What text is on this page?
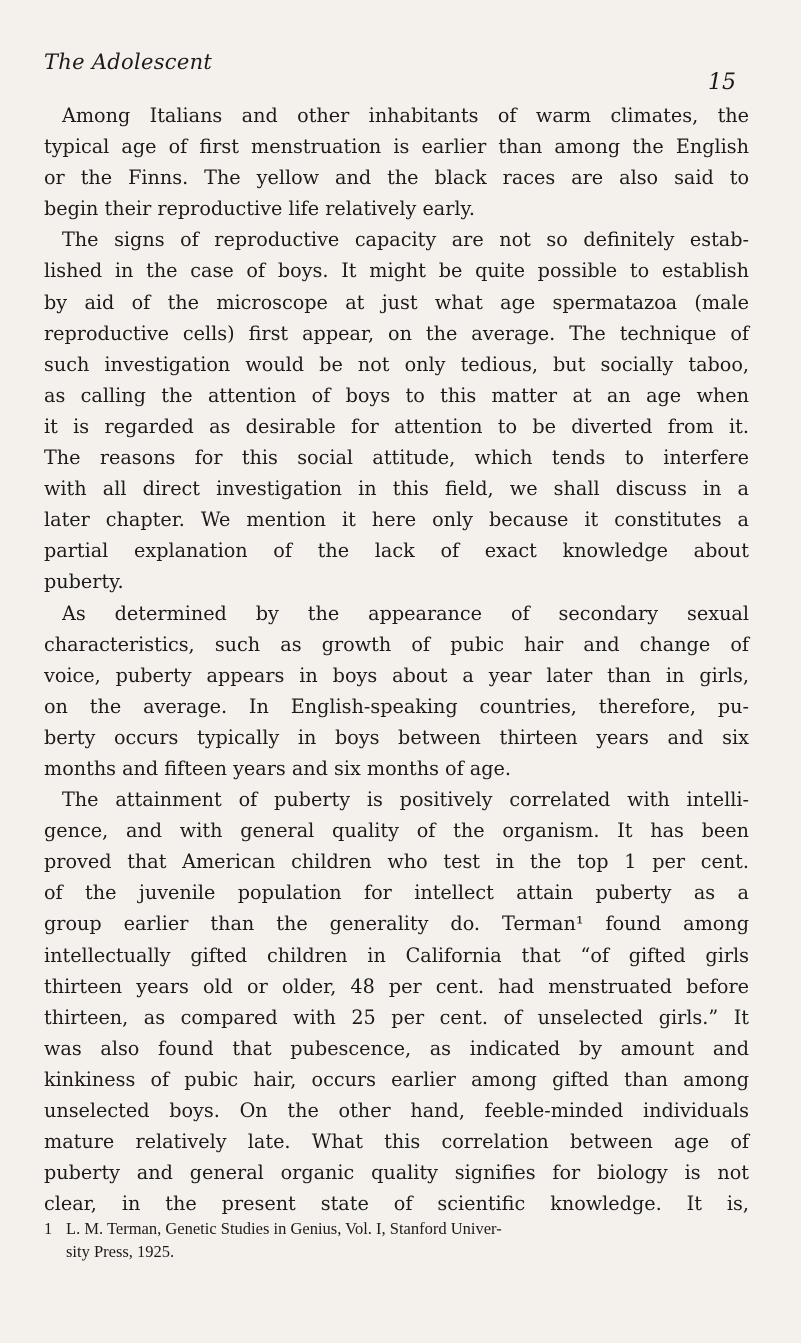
The Adolescent
15
Among Italians and other inhabitants of warm climates, the
typical age of first menstruation is earlier than among the English
or the Finns. The yellow and the black races are also said to
begin their reproductive life relatively early.
The signs of reproductive capacity are not so definitely estab-
lished in the case of boys. It might be quite possible to establish
by aid of the microscope at just what age spermatazoa (male
reproductive cells) first appear, on the average. The technique of
such investigation would be not only tedious, but socially taboo,
as calling the attention of boys to this matter at an age when
it is regarded as desirable for attention to be diverted from it.
The reasons for this social attitude, which tends to interfere
with all direct investigation in this field, we shall discuss in a
later chapter. We mention it here only because it constitutes a
partial explanation of the lack of exact knowledge about
puberty.
As determined by the appearance of secondary sexual
characteristics, such as growth of pubic hair and change of
voice, puberty appears in boys about a year later than in girls,
on the average. In English-speaking countries, therefore, pu-
berty occurs typically in boys between thirteen years and six
months and fifteen years and six months of age.
The attainment of puberty is positively correlated with intelli-
gence, and with general quality of the organism. It has been
proved that American children who test in the top 1 per cent.
of the juvenile population for intellect attain puberty as a
group earlier than the generality do. Terman¹ found among
intellectually gifted children in California that “of gifted girls
thirteen years old or older, 48 per cent. had menstruated before
thirteen, as compared with 25 per cent. of unselected girls.” It
was also found that pubescence, as indicated by amount and
kinkiness of pubic hair, occurs earlier among gifted than among
unselected boys. On the other hand, feeble-minded individuals
mature relatively late. What this correlation between age of
puberty and general organic quality signifies for biology is not
clear, in the present state of scientific knowledge. It is,
1 L. M. Terman, Genetic Studies in Genius, Vol. I, Stanford Univer-
sity Press, 1925.
